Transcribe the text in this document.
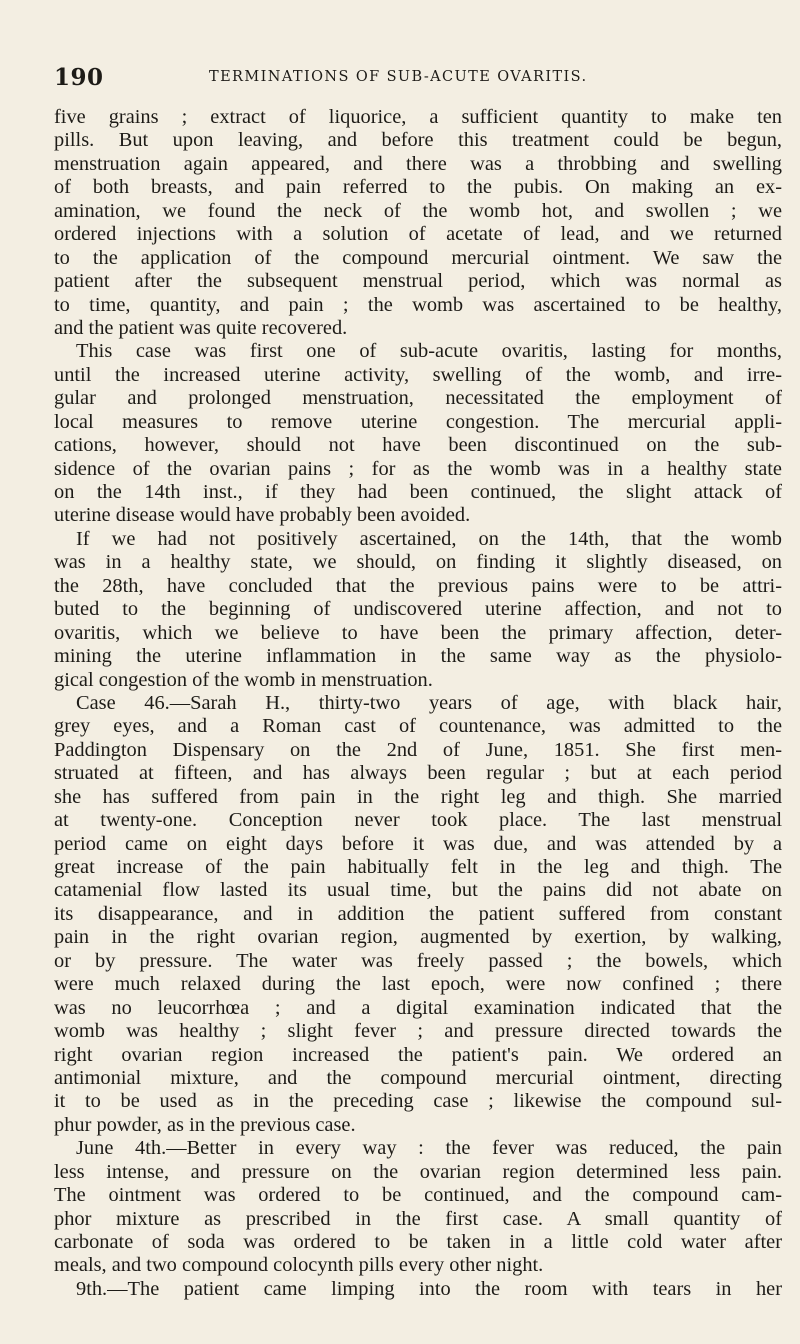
190	TERMINATIONS OF SUB-ACUTE OVARITIS.
five grains ; extract of liquorice, a sufficient quantity to make ten
pills. But upon leaving, and before this treatment could be begun,
menstruation again appeared, and there was a throbbing and swelling
of both breasts, and pain referred to the pubis. On making an ex-
amination, we found the neck of the womb hot, and swollen ; we
ordered injections with a solution of acetate of lead, and we returned
to the application of the compound mercurial ointment. We saw the
patient after the subsequent menstrual period, which was normal as
to time, quantity, and pain ; the womb was ascertained to be healthy,
and the patient was quite recovered.
This case was first one of sub-acute ovaritis, lasting for months,
until the increased uterine activity, swelling of the womb, and irre-
gular and prolonged menstruation, necessitated the employment of
local measures to remove uterine congestion. The mercurial appli-
cations, however, should not have been discontinued on the sub-
sidence of the ovarian pains ; for as the womb was in a healthy state
on the 14th inst., if they had been continued, the slight attack of
uterine disease would have probably been avoided.
If we had not positively ascertained, on the 14th, that the womb
was in a healthy state, we should, on finding it slightly diseased, on
the 28th, have concluded that the previous pains were to be attri-
buted to the beginning of undiscovered uterine affection, and not to
ovaritis, which we believe to have been the primary affection, deter-
mining the uterine inflammation in the same way as the physiolo-
gical congestion of the womb in menstruation.
Case 46.—Sarah H., thirty-two years of age, with black hair,
grey eyes, and a Roman cast of countenance, was admitted to the
Paddington Dispensary on the 2nd of June, 1851. She first men-
struated at fifteen, and has always been regular ; but at each period
she has suffered from pain in the right leg and thigh. She married
at twenty-one. Conception never took place. The last menstrual
period came on eight days before it was due, and was attended by a
great increase of the pain habitually felt in the leg and thigh. The
catamenial flow lasted its usual time, but the pains did not abate on
its disappearance, and in addition the patient suffered from constant
pain in the right ovarian region, augmented by exertion, by walking,
or by pressure. The water was freely passed ; the bowels, which
were much relaxed during the last epoch, were now confined ; there
was no leucorrhœa ; and a digital examination indicated that the
womb was healthy ; slight fever ; and pressure directed towards the
right ovarian region increased the patient's pain. We ordered an
antimonial mixture, and the compound mercurial ointment, directing
it to be used as in the preceding case ; likewise the compound sul-
phur powder, as in the previous case.
June 4th.—Better in every way : the fever was reduced, the pain
less intense, and pressure on the ovarian region determined less pain.
The ointment was ordered to be continued, and the compound cam-
phor mixture as prescribed in the first case. A small quantity of
carbonate of soda was ordered to be taken in a little cold water after
meals, and two compound colocynth pills every other night.
9th.—The patient came limping into the room with tears in her
